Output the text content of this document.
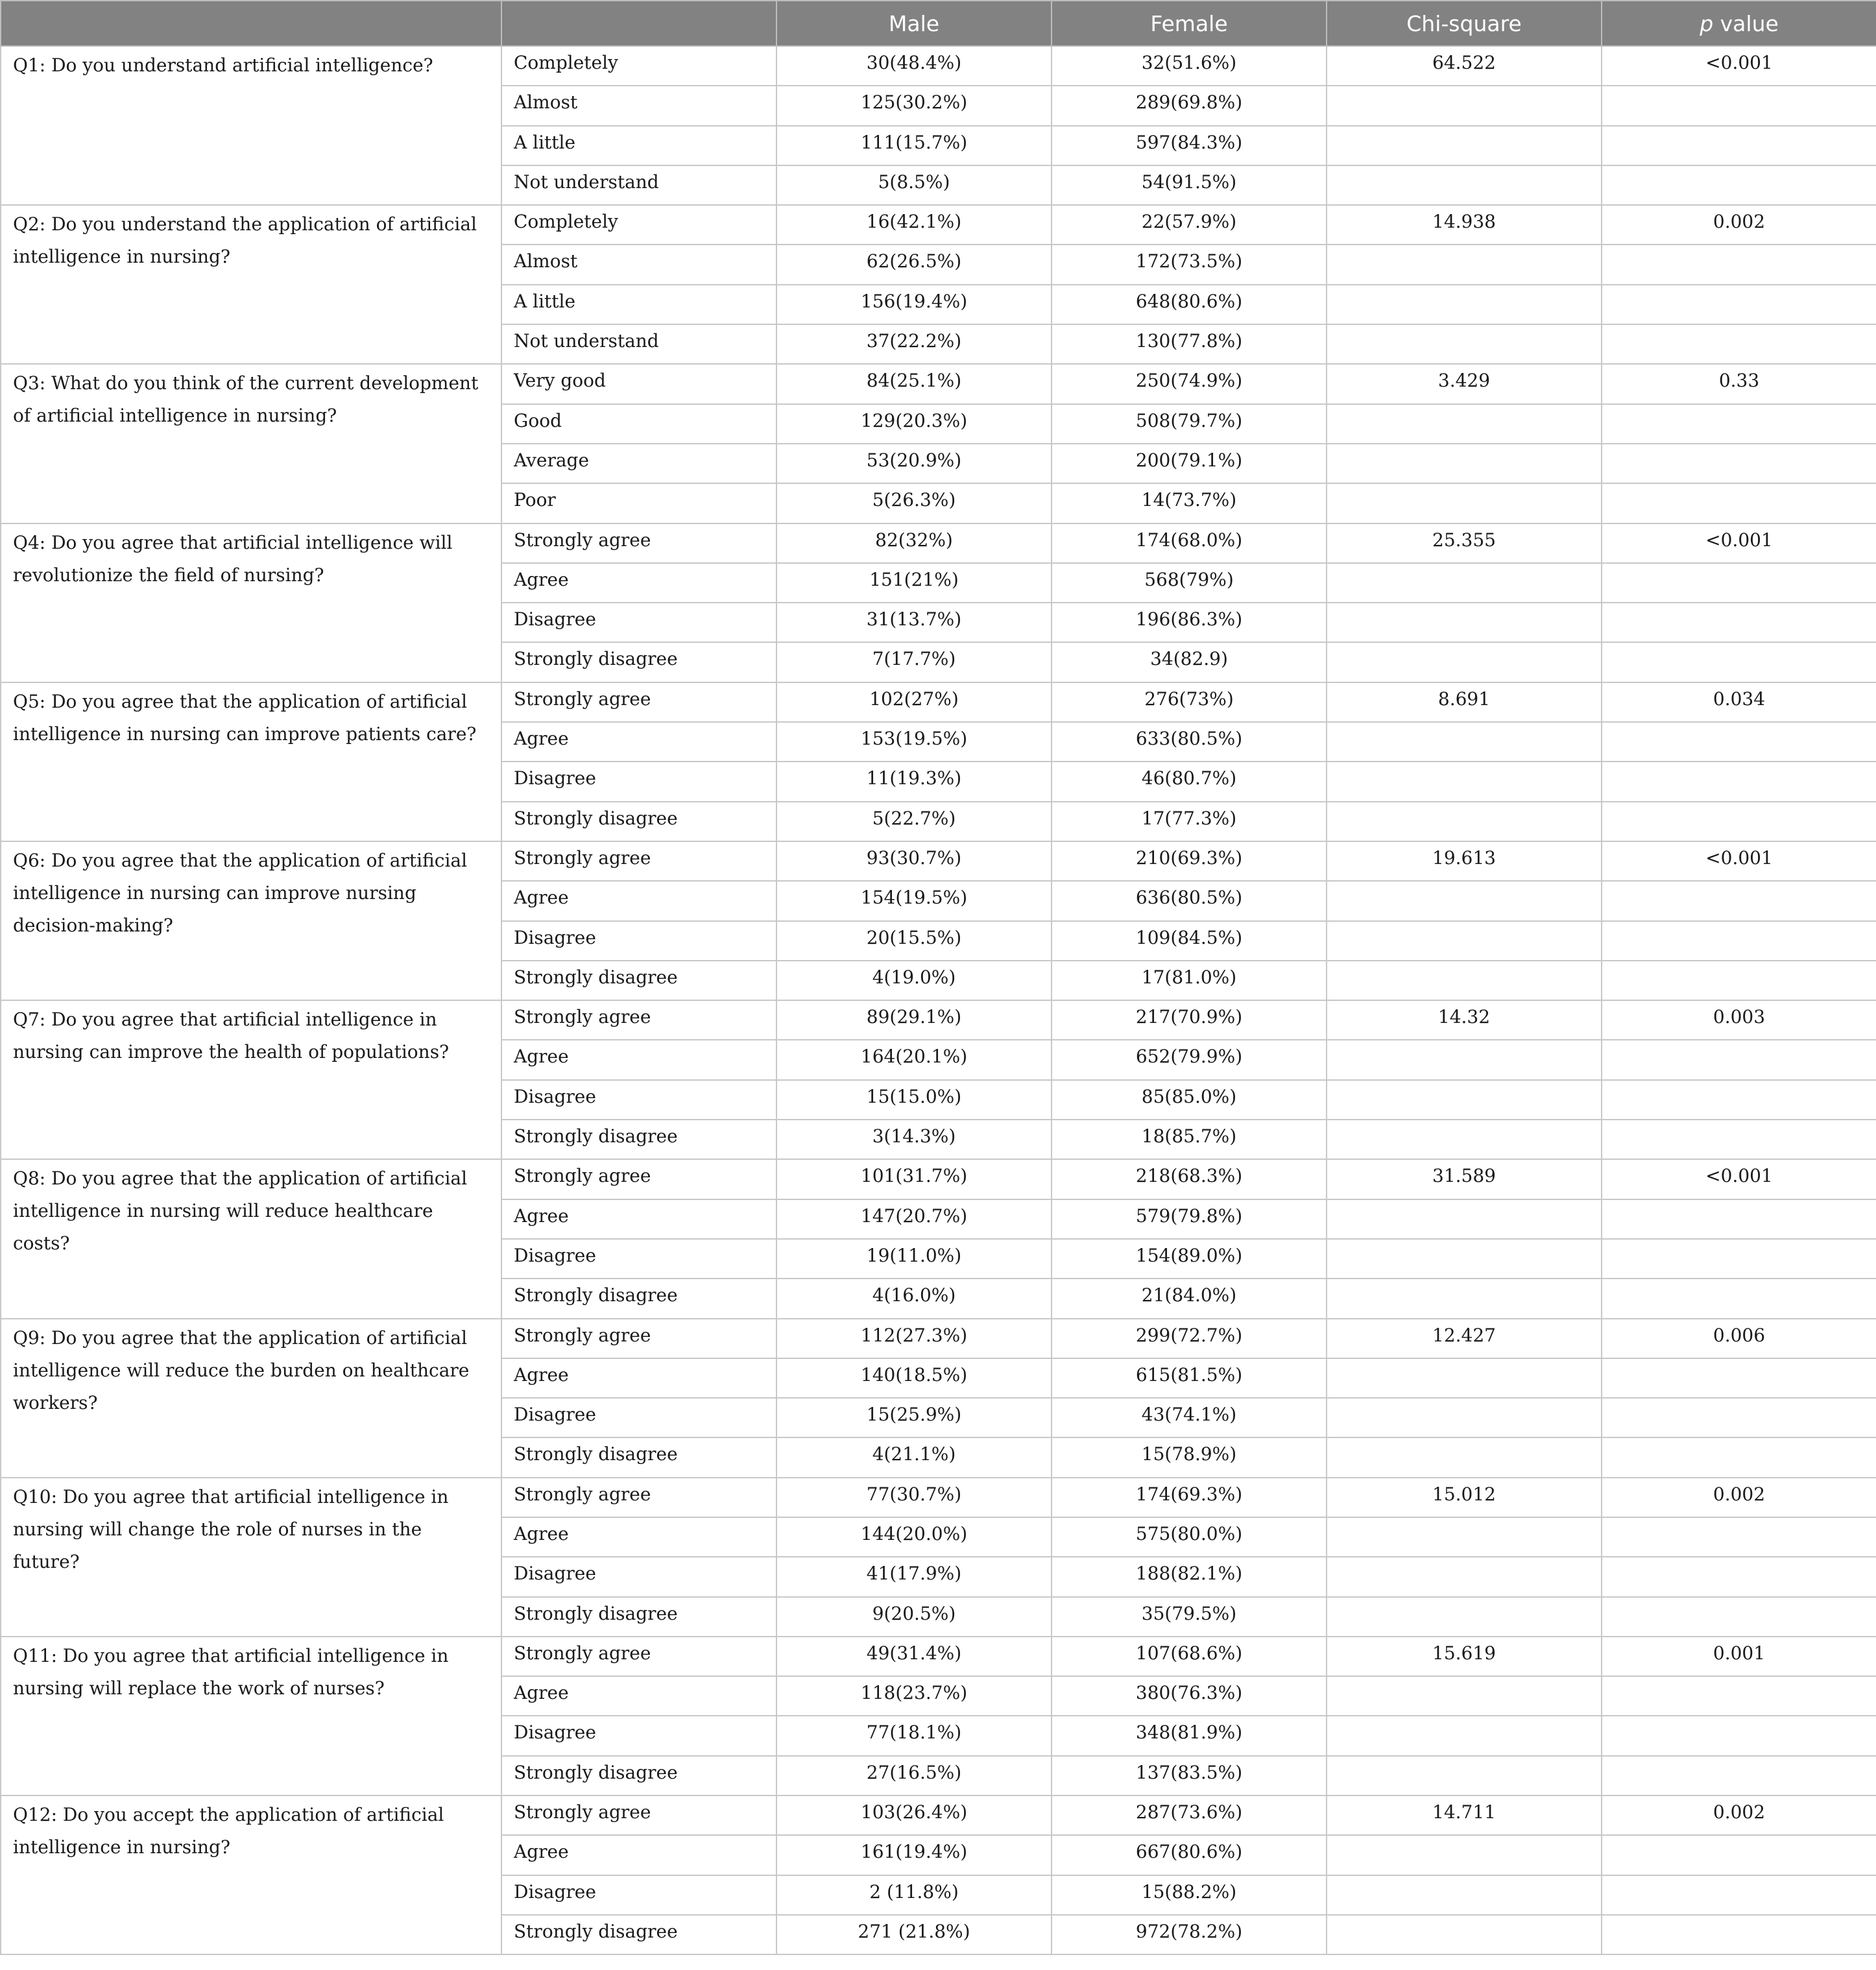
		Male	Female	Chi-square	p value
Q1: Do you understand artificial intelligence?	Completely	30(48.4%)	32(51.6%)	64.522	<0.001
	Almost	125(30.2%)	289(69.8%)		
	A little	111(15.7%)	597(84.3%)		
	Not understand	5(8.5%)	54(91.5%)		
Q2: Do you understand the application of artificial intelligence in nursing?	Completely	16(42.1%)	22(57.9%)	14.938	0.002
	Almost	62(26.5%)	172(73.5%)		
	A little	156(19.4%)	648(80.6%)		
	Not understand	37(22.2%)	130(77.8%)		
Q3: What do you think of the current development of artificial intelligence in nursing?	Very good	84(25.1%)	250(74.9%)	3.429	0.33
	Good	129(20.3%)	508(79.7%)		
	Average	53(20.9%)	200(79.1%)		
	Poor	5(26.3%)	14(73.7%)		
Q4: Do you agree that artificial intelligence will revolutionize the field of nursing?	Strongly agree	82(32%)	174(68.0%)	25.355	<0.001
	Agree	151(21%)	568(79%)		
	Disagree	31(13.7%)	196(86.3%)		
	Strongly disagree	7(17.7%)	34(82.9)		
Q5: Do you agree that the application of artificial intelligence in nursing can improve patients care?	Strongly agree	102(27%)	276(73%)	8.691	0.034
	Agree	153(19.5%)	633(80.5%)		
	Disagree	11(19.3%)	46(80.7%)		
	Strongly disagree	5(22.7%)	17(77.3%)		
Q6: Do you agree that the application of artificial intelligence in nursing can improve nursing decision-making?	Strongly agree	93(30.7%)	210(69.3%)	19.613	<0.001
	Agree	154(19.5%)	636(80.5%)		
	Disagree	20(15.5%)	109(84.5%)		
	Strongly disagree	4(19.0%)	17(81.0%)		
Q7: Do you agree that artificial intelligence in nursing can improve the health of populations?	Strongly agree	89(29.1%)	217(70.9%)	14.32	0.003
	Agree	164(20.1%)	652(79.9%)		
	Disagree	15(15.0%)	85(85.0%)		
	Strongly disagree	3(14.3%)	18(85.7%)		
Q8: Do you agree that the application of artificial intelligence in nursing will reduce healthcare costs?	Strongly agree	101(31.7%)	218(68.3%)	31.589	<0.001
	Agree	147(20.7%)	579(79.8%)		
	Disagree	19(11.0%)	154(89.0%)		
	Strongly disagree	4(16.0%)	21(84.0%)		
Q9: Do you agree that the application of artificial intelligence will reduce the burden on healthcare workers?	Strongly agree	112(27.3%)	299(72.7%)	12.427	0.006
	Agree	140(18.5%)	615(81.5%)		
	Disagree	15(25.9%)	43(74.1%)		
	Strongly disagree	4(21.1%)	15(78.9%)		
Q10: Do you agree that artificial intelligence in nursing will change the role of nurses in the future?	Strongly agree	77(30.7%)	174(69.3%)	15.012	0.002
	Agree	144(20.0%)	575(80.0%)		
	Disagree	41(17.9%)	188(82.1%)		
	Strongly disagree	9(20.5%)	35(79.5%)		
Q11: Do you agree that artificial intelligence in nursing will replace the work of nurses?	Strongly agree	49(31.4%)	107(68.6%)	15.619	0.001
	Agree	118(23.7%)	380(76.3%)		
	Disagree	77(18.1%)	348(81.9%)		
	Strongly disagree	27(16.5%)	137(83.5%)		
Q12: Do you accept the application of artificial intelligence in nursing?	Strongly agree	103(26.4%)	287(73.6%)	14.711	0.002
	Agree	161(19.4%)	667(80.6%)		
	Disagree	2 (11.8%)	15(88.2%)		
	Strongly disagree	271 (21.8%)	972(78.2%)		
